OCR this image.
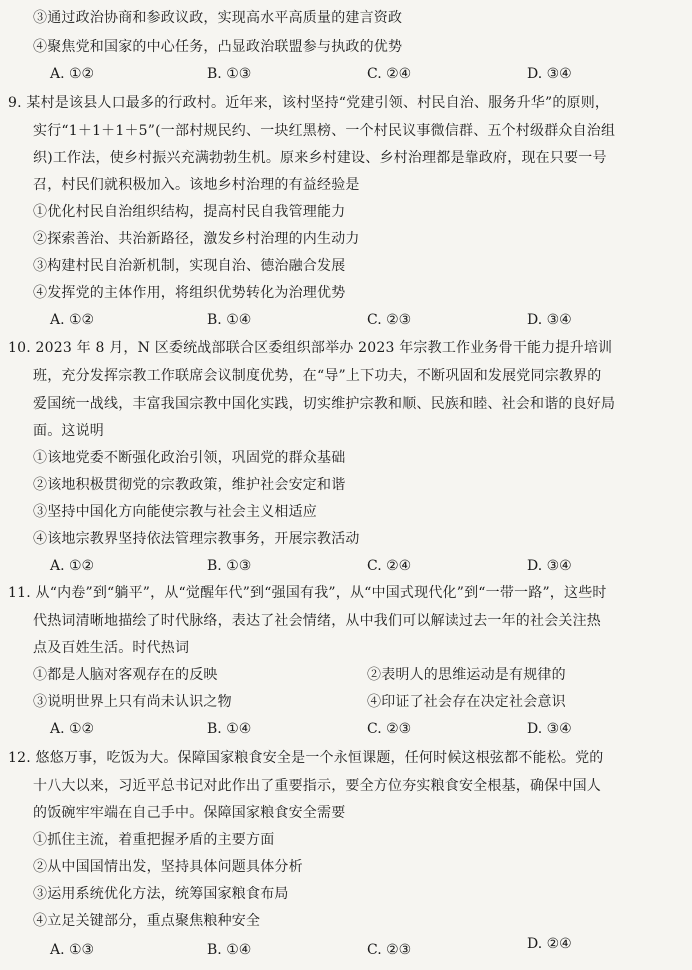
③通过政治协商和参政议政，实现高水平高质量的建言资政
④聚焦党和国家的中心任务，凸显政治联盟参与执政的优势
A. ①②	B. ①③	C. ②④	D. ③④
9. 某村是该县人口最多的行政村。近年来，该村坚持“党建引领、村民自治、服务升华”的原则，
实行“1＋1＋1＋5”(一部村规民约、一块红黑榜、一个村民议事微信群、五个村级群众自治组
织)工作法，使乡村振兴充满勃勃生机。原来乡村建设、乡村治理都是靠政府，现在只要一号
召，村民们就积极加入。该地乡村治理的有益经验是
①优化村民自治组织结构，提高村民自我管理能力
②探索善治、共治新路径，激发乡村治理的内生动力
③构建村民自治新机制，实现自治、德治融合发展
④发挥党的主体作用，将组织优势转化为治理优势
A. ①②	B. ①④	C. ②③	D. ③④
10. 2023 年 8 月，N 区委统战部联合区委组织部举办 2023 年宗教工作业务骨干能力提升培训
班，充分发挥宗教工作联席会议制度优势，在“导”上下功夫，不断巩固和发展党同宗教界的
爱国统一战线，丰富我国宗教中国化实践，切实维护宗教和顺、民族和睦、社会和谐的良好局
面。这说明
①该地党委不断强化政治引领，巩固党的群众基础
②该地积极贯彻党的宗教政策，维护社会安定和谐
③坚持中国化方向能使宗教与社会主义相适应
④该地宗教界坚持依法管理宗教事务，开展宗教活动
A. ①②	B. ①③	C. ②④	D. ③④
11. 从“内卷”到“躺平”，从“觉醒年代”到“强国有我”，从“中国式现代化”到“一带一路”，这些时
代热词清晰地描绘了时代脉络，表达了社会情绪，从中我们可以解读过去一年的社会关注热
点及百姓生活。时代热词
①都是人脑对客观存在的反映	②表明人的思维运动是有规律的
③说明世界上只有尚未认识之物	④印证了社会存在决定社会意识
A. ①②	B. ①④	C. ②③	D. ③④
12. 悠悠万事，吃饭为大。保障国家粮食安全是一个永恒课题，任何时候这根弦都不能松。党的
十八大以来，习近平总书记对此作出了重要指示，要全方位夯实粮食安全根基，确保中国人
的饭碗牢牢端在自己手中。保障国家粮食安全需要
①抓住主流，着重把握矛盾的主要方面
②从中国国情出发，坚持具体问题具体分析
③运用系统优化方法，统筹国家粮食布局
④立足关键部分，重点聚焦粮种安全
A. ①③	B. ①④	C. ②③	D. ②④
